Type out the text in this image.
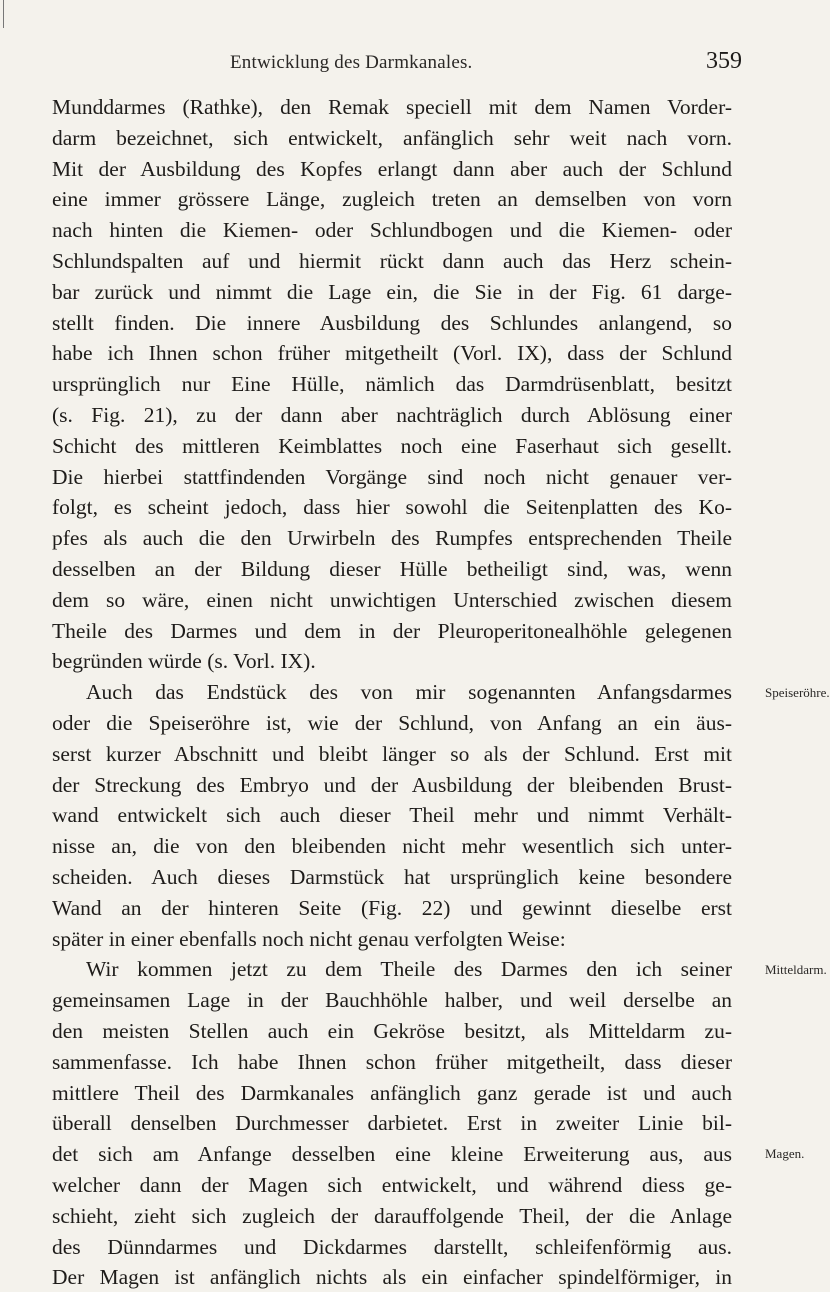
Entwicklung des Darmkanales.	359
Munddarmes (Rathke), den Remak speciell mit dem Namen Vorder-
darm bezeichnet, sich entwickelt, anfänglich sehr weit nach vorn.
Mit der Ausbildung des Kopfes erlangt dann aber auch der Schlund
eine immer grössere Länge, zugleich treten an demselben von vorn
nach hinten die Kiemen- oder Schlundbogen und die Kiemen- oder
Schlundspalten auf und hiermit rückt dann auch das Herz schein-
bar zurück und nimmt die Lage ein, die Sie in der Fig. 61 darge-
stellt finden. Die innere Ausbildung des Schlundes anlangend, so
habe ich Ihnen schon früher mitgetheilt (Vorl. IX), dass der Schlund
ursprünglich nur Eine Hülle, nämlich das Darmdrüsenblatt, besitzt
(s. Fig. 21), zu der dann aber nachträglich durch Ablösung einer
Schicht des mittleren Keimblattes noch eine Faserhaut sich gesellt.
Die hierbei stattfindenden Vorgänge sind noch nicht genauer ver-
folgt, es scheint jedoch, dass hier sowohl die Seitenplatten des Ko-
pfes als auch die den Urwirbeln des Rumpfes entsprechenden Theile
desselben an der Bildung dieser Hülle betheiligt sind, was, wenn
dem so wäre, einen nicht unwichtigen Unterschied zwischen diesem
Theile des Darmes und dem in der Pleuroperitonealhöhle gelegenen
begründen würde (s. Vorl. IX).
Auch das Endstück des von mir sogenannten Anfangsdarmes
oder die Speiseröhre ist, wie der Schlund, von Anfang an ein äus-
serst kurzer Abschnitt und bleibt länger so als der Schlund. Erst mit
der Streckung des Embryo und der Ausbildung der bleibenden Brust-
wand entwickelt sich auch dieser Theil mehr und nimmt Verhält-
nisse an, die von den bleibenden nicht mehr wesentlich sich unter-
scheiden. Auch dieses Darmstück hat ursprünglich keine besondere
Wand an der hinteren Seite (Fig. 22) und gewinnt dieselbe erst
später in einer ebenfalls noch nicht genau verfolgten Weise:
Wir kommen jetzt zu dem Theile des Darmes den ich seiner
gemeinsamen Lage in der Bauchhöhle halber, und weil derselbe an
den meisten Stellen auch ein Gekröse besitzt, als Mitteldarm zu-
sammenfasse. Ich habe Ihnen schon früher mitgetheilt, dass dieser
mittlere Theil des Darmkanales anfänglich ganz gerade ist und auch
überall denselben Durchmesser darbietet. Erst in zweiter Linie bil-
det sich am Anfange desselben eine kleine Erweiterung aus, aus
welcher dann der Magen sich entwickelt, und während diess ge-
schieht, zieht sich zugleich der darauffolgende Theil, der die Anlage
des Dünndarmes und Dickdarmes darstellt, schleifenförmig aus.
Der Magen ist anfänglich nichts als ein einfacher spindelförmiger, in
Speiseröhre.
Mitteldarm.
Magen.
